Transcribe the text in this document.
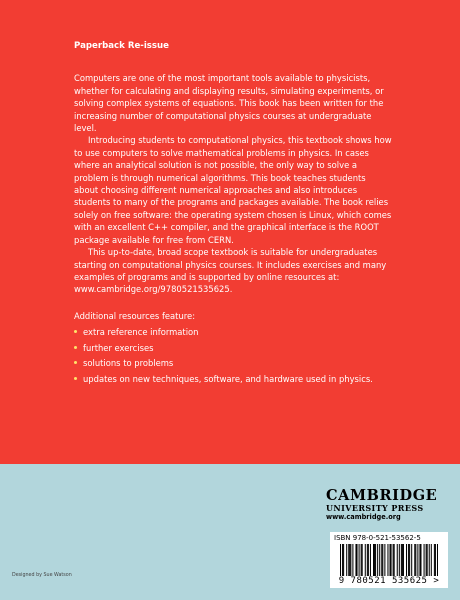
Paperback Re-issue

Computers are one of the most important tools available to physicists, whether for calculating and displaying results, simulating experiments, or solving complex systems of equations. This book has been written for the increasing number of computational physics courses at undergraduate level.

Introducing students to computational physics, this textbook shows how to use computers to solve mathematical problems in physics. In cases where an analytical solution is not possible, the only way to solve a problem is through numerical algorithms. This book teaches students about choosing different numerical approaches and also introduces students to many of the programs and packages available. The book relies solely on free software: the operating system chosen is Linux, which comes with an excellent C++ compiler, and the graphical interface is the ROOT package available for free from CERN.

This up-to-date, broad scope textbook is suitable for undergraduates starting on computational physics courses. It includes exercises and many examples of programs and is supported by online resources at: www.cambridge.org/9780521535625.

Additional resources feature:

extra reference information
further exercises
solutions to problems
updates on new techniques, software, and hardware used in physics.
CAMBRIDGE
UNIVERSITY PRESS
www.cambridge.org
ISBN 978-0-521-53562-5
9 780521 535625 >
Designed by Sue Watson
